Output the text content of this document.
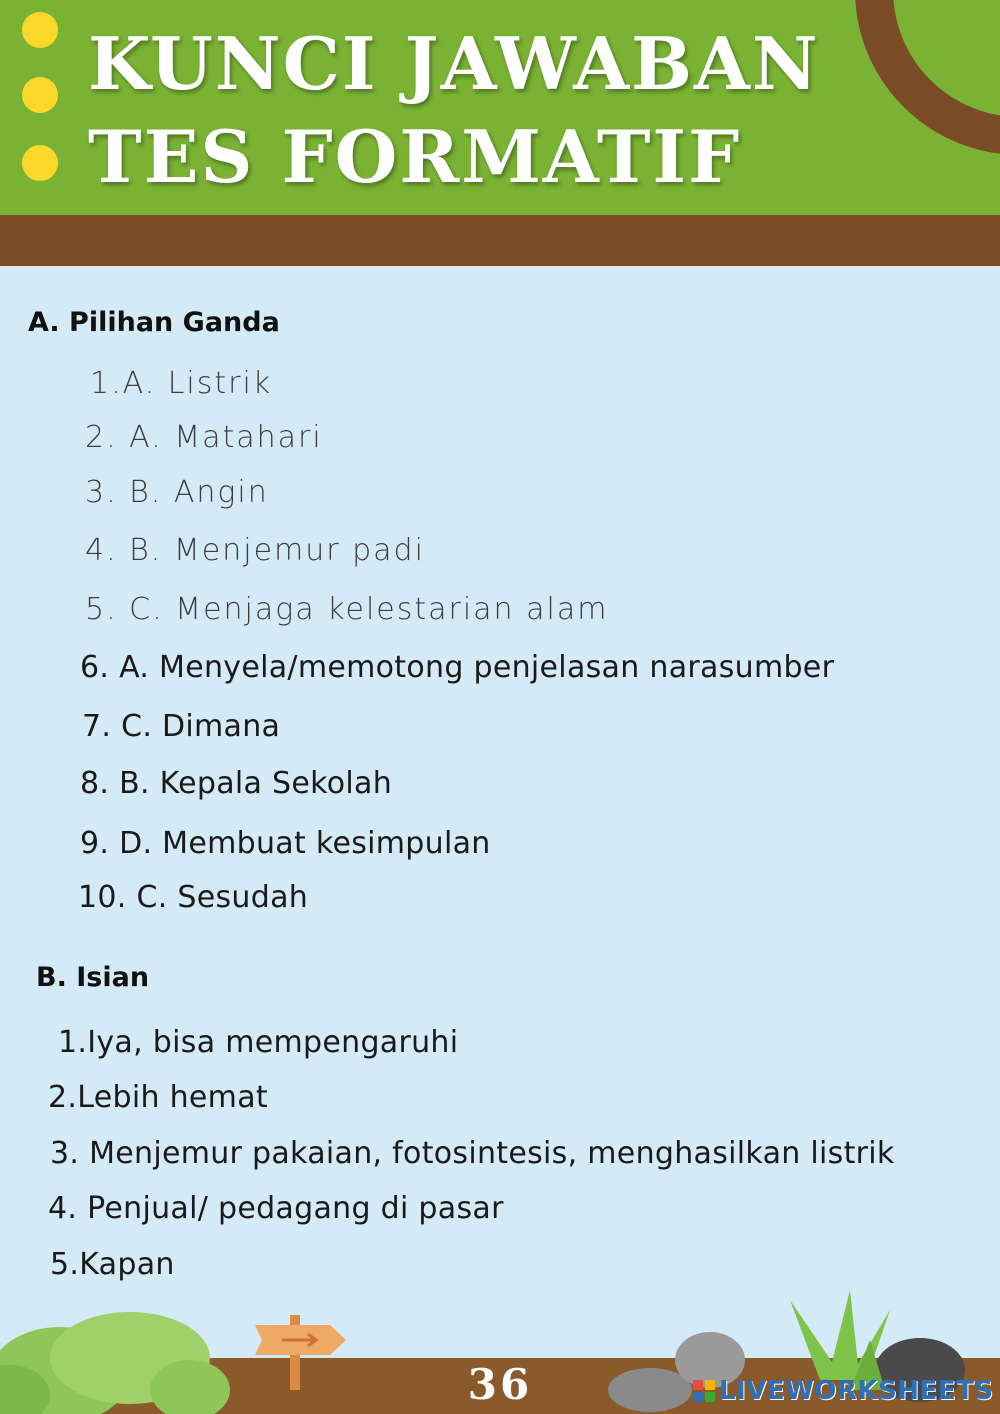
KUNCI JAWABAN
TES FORMATIF
A. Pilihan Ganda
1.A. Listrik
2. A. Matahari
3. B. Angin
4. B. Menjemur padi
5. C. Menjaga kelestarian alam
6. A. Menyela/memotong penjelasan narasumber
7. C. Dimana
8. B. Kepala Sekolah
9. D. Membuat kesimpulan
10. C. Sesudah
B. Isian
1.Iya, bisa mempengaruhi
2.Lebih hemat
3. Menjemur pakaian, fotosintesis, menghasilkan listrik
4. Penjual/ pedagang di pasar
5.Kapan
36	LIVEWORKSHEETS
